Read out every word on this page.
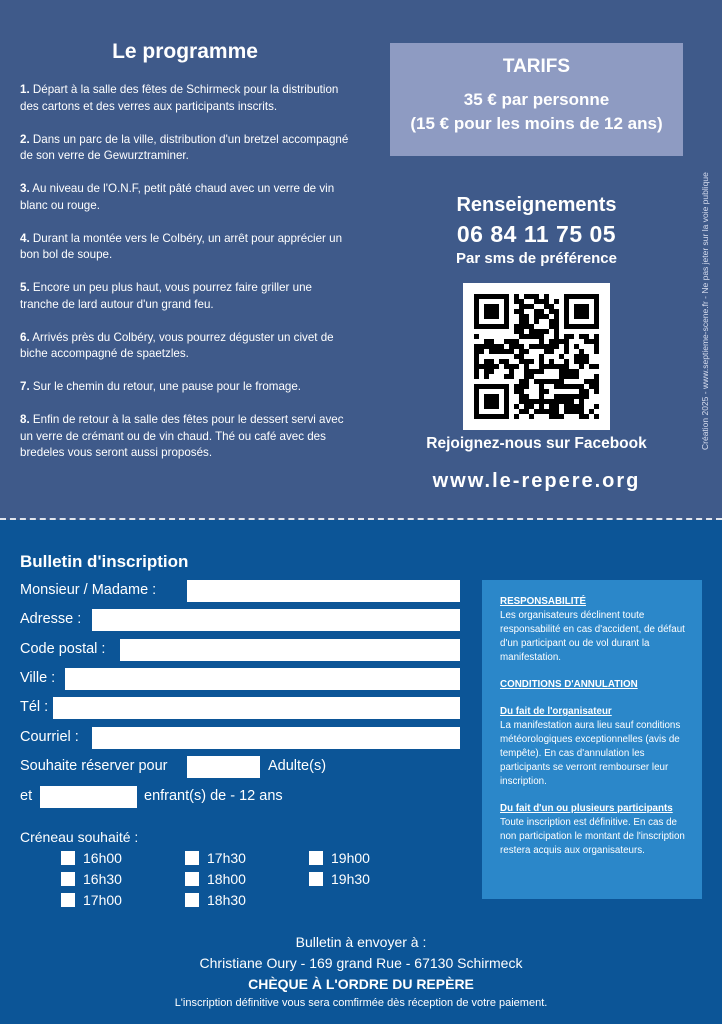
Le programme

1. Départ à la salle des fêtes de Schirmeck pour la distribution des cartons et des verres aux participants inscrits.

2. Dans un parc de la ville, distribution d'un bretzel accompagné de son verre de Gewurztraminer.

3. Au niveau de l'O.N.F, petit pâté chaud avec un verre de vin blanc ou rouge.

4. Durant la montée vers le Colbéry, un arrêt pour apprécier un bon bol de soupe.

5. Encore un peu plus haut, vous pourrez faire griller une tranche de lard autour d'un grand feu.

6. Arrivés près du Colbéry, vous pourrez déguster un civet de biche accompagné de spaetzles.

7. Sur le chemin du retour, une pause pour le fromage.

8. Enfin de retour à la salle des fêtes pour le dessert servi avec un verre de crémant ou de vin chaud. Thé ou café avec des bredeles vous seront aussi proposés.

TARIFS
35 € par personne
(15 € pour les moins de 12 ans)
Renseignements
06 84 11 75 05
Par sms de préférence
Rejoignez-nous sur Facebook
www.le-repere.org
Création 2025 - www.septieme-scene.fr - Ne pas jeter sur la voie publique
Bulletin d'inscription
Monsieur / Madame :
Adresse :
Code postal :
Ville :
Tél :
Courriel :
Souhaite réserver pour	Adulte(s)
et	enfrant(s) de - 12 ans
Créneau souhaité :
16h00
16h30
17h00
17h30
18h00
18h30
19h00
19h30
RESPONSABILITÉ

Les organisateurs déclinent toute responsabilité en cas d'accident, de défaut d'un participant ou de vol durant la manifestation.

CONDITIONS D'ANNULATION

Du fait de l'organisateur

La manifestation aura lieu sauf conditions météorologiques exceptionnelles (avis de tempête). En cas d'annulation les participants se verront rembourser leur inscription.

Du fait d'un ou plusieurs participants

Toute inscription est définitive. En cas de non participation le montant de l'inscription restera acquis aux organisateurs.

Bulletin à envoyer à :
Christiane Oury - 169 grand Rue - 67130 Schirmeck
CHÈQUE À L'ORDRE DU REPÈRE
L'inscription définitive vous sera comfirmée dès réception de votre paiement.
